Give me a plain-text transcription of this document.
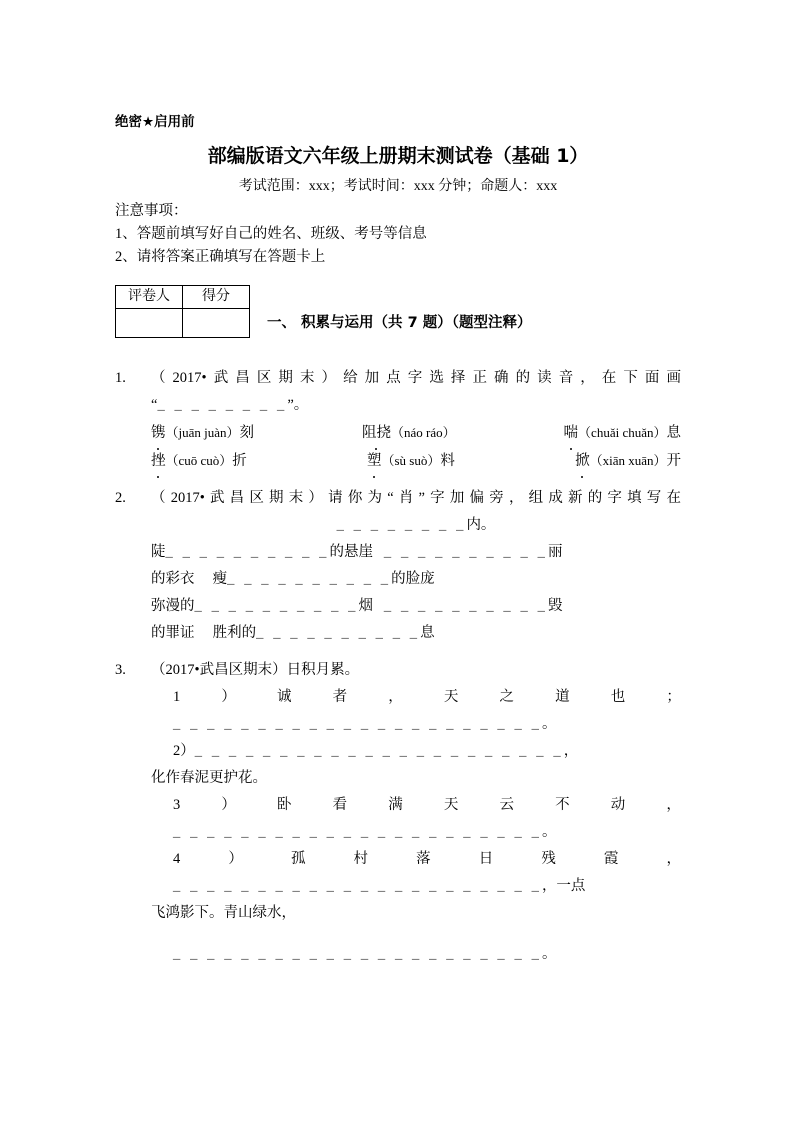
绝密★启用前
部编版语文六年级上册期末测试卷（基础 1）
考试范围：xxx；考试时间：xxx 分钟；命题人：xxx
注意事项：
1、答题前填写好自己的姓名、班级、考号等信息
2、请将答案正确填写在答题卡上
评卷人	得分

一、 积累与运用（共 7 题）（题型注释）
1.	（2017•武昌区期末）给加点字选择正确的读音，在下面画
“_ _ _ _ _ _ _ _”。
镌（juān juàn）刻	阻挠（náo ráo）	喘（chuǎi chuǎn）息
挫（cuō cuò）折	塑（sù suò）料	掀（xiān xuān）开
2.	（2017•武昌区期末）请你为“肖”字加偏旁，组成新的字填写在
_ _ _ _ _ _ _ _内。
陡_ _ _ _ _ _ _ _ _ _的悬崖 _ _ _ _ _ _ _ _ _ _丽
的彩衣 瘦_ _ _ _ _ _ _ _ _ _的脸庞
弥漫的_ _ _ _ _ _ _ _ _ _烟 _ _ _ _ _ _ _ _ _ _毁
的罪证 胜利的_ _ _ _ _ _ _ _ _ _息
3.	（2017•武昌区期末）日积月累。
1	）	诚	者	，	天	之	道	也	；
_ _ _ _ _ _ _ _ _ _ _ _ _ _ _ _ _ _ _ _ _ _。
2）_ _ _ _ _ _ _ _ _ _ _ _ _ _ _ _ _ _ _ _ _ _，
化作春泥更护花。
3	）	卧	看	满	天	云	不	动	，
_ _ _ _ _ _ _ _ _ _ _ _ _ _ _ _ _ _ _ _ _ _。
4	）	孤	村	落	日	残	霞	，
_ _ _ _ _ _ _ _ _ _ _ _ _ _ _ _ _ _ _ _ _ _，一点
飞鸿影下。青山绿水，
_ _ _ _ _ _ _ _ _ _ _ _ _ _ _ _ _ _ _ _ _ _。
